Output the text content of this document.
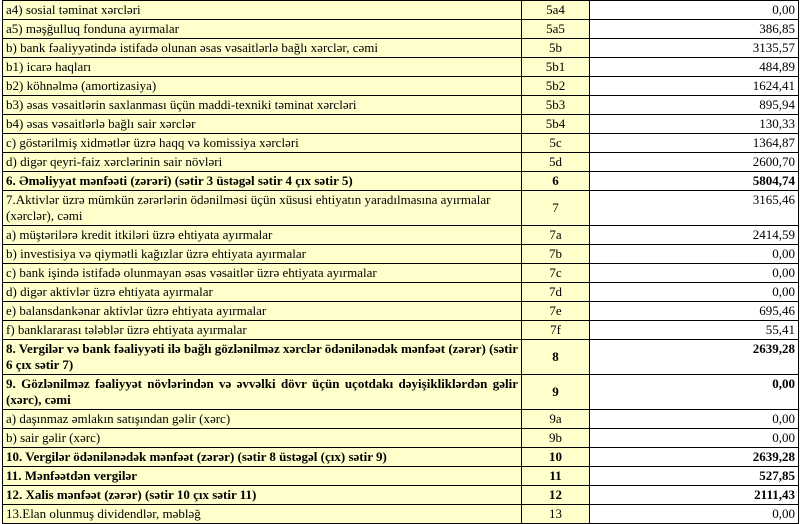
a4) sosial təminat xərcləri	5a4	0,00
a5) məşğulluq fonduna ayırmalar	5a5	386,85
b) bank fəaliyyətində istifadə olunan əsas vəsaitlərlə bağlı xərclər, cəmi	5b	3135,57
b1) icarə haqları	5b1	484,89
b2) köhnəlmə (amortizasiya)	5b2	1624,41
b3) əsas vəsaitlərin saxlanması üçün maddi-texniki təminat xərcləri	5b3	895,94
b4) əsas vəsaitlərlə bağlı sair xərclər	5b4	130,33
c) göstərilmiş xidmətlər üzrə haqq və komissiya xərcləri	5c	1364,87
d) digər qeyri-faiz xərclərinin sair növləri	5d	2600,70
6. Əməliyyat mənfəəti (zərəri) (sətir 3 üstəgəl sətir 4 çıx sətir 5)	6	5804,74
7.Aktivlər üzrə mümkün zərərlərin ödənilməsi üçün xüsusi ehtiyatın yaradılmasına ayırmalar (xərclər), cəmi	7	3165,46
a) müştərilərə kredit itkiləri üzrə ehtiyata ayırmalar	7a	2414,59
b) investisiya və qiymətli kağızlar üzrə ehtiyata ayırmalar	7b	0,00
c) bank işində istifadə olunmayan əsas vəsaitlər üzrə ehtiyata ayırmalar	7c	0,00
d) digər aktivlər üzrə ehtiyata ayırmalar	7d	0,00
e) balansdankənar aktivlər üzrə ehtiyata ayırmalar	7e	695,46
f) banklararası tələblər üzrə ehtiyata ayırmalar	7f	55,41
8. Vergilər və bank fəaliyyəti ilə bağlı gözlənilməz xərclər ödənilənədək mənfəət (zərər) (sətir 6 çıx sətir 7)	8	2639,28
9. Gözlənilməz fəaliyyət növlərindən və əvvəlki dövr üçün uçotdakı dəyişikliklərdən gəlir (xərc), cəmi	9	0,00
a) daşınmaz əmlakın satışından gəlir (xərc)	9a	0,00
b) sair gəlir (xərc)	9b	0,00
10. Vergilər ödənilənədək mənfəət (zərər) (sətir 8 üstəgəl (çıx) sətir 9)	10	2639,28
11. Mənfəətdən vergilər	11	527,85
12. Xalis mənfəət (zərər) (sətir 10 çıx sətir 11)	12	2111,43
13.Elan olunmuş dividendlər, məbləğ	13	0,00
